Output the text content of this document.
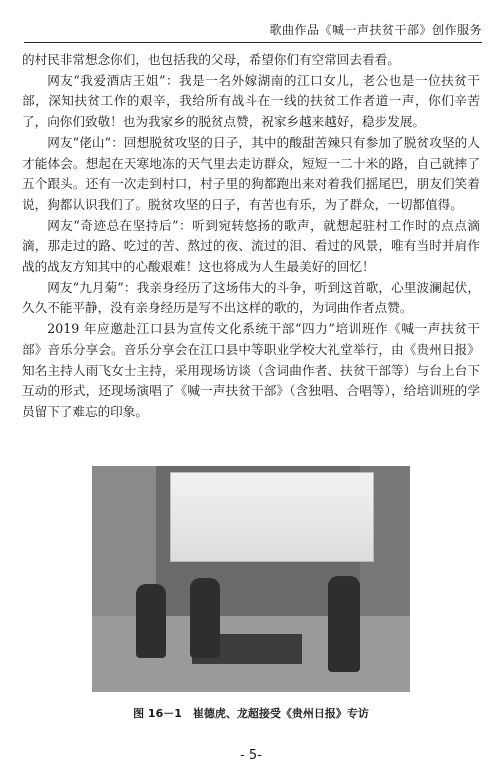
歌曲作品《喊一声扶贫干部》创作服务

的村民非常想念你们，也包括我的父母，希望你们有空常回去看看。

网友“我爱酒店王姐”：我是一名外嫁湖南的江口女儿，老公也是一位扶贫干部，深知扶贫工作的艰辛，我给所有战斗在一线的扶贫工作者道一声，你们辛苦了，向你们致敬！也为我家乡的脱贫点赞，祝家乡越来越好，稳步发展。

网友“佬山”：回想脱贫攻坚的日子，其中的酸甜苦辣只有参加了脱贫攻坚的人才能体会。想起在天寒地冻的天气里去走访群众，短短一二十米的路，自己就摔了五个跟头。还有一次走到村口，村子里的狗都跑出来对着我们摇尾巴，朋友们笑着说，狗都认识我们了。脱贫攻坚的日子，有苦也有乐，为了群众，一切都值得。

网友“奇迹总在坚持后”：听到宛转悠扬的歌声，就想起驻村工作时的点点滴滴，那走过的路、吃过的苦、熬过的夜、流过的泪、看过的风景，唯有当时并肩作战的战友方知其中的心酸艰难！这也将成为人生最美好的回忆！

网友“九月菊”：我亲身经历了这场伟大的斗争，听到这首歌，心里波澜起伏，久久不能平静，没有亲身经历是写不出这样的歌的，为词曲作者点赞。

2019 年应邀赴江口县为宣传文化系统干部“四力”培训班作《喊一声扶贫干部》音乐分享会。音乐分享会在江口县中等职业学校大礼堂举行，由《贵州日报》知名主持人雨飞女士主持，采用现场访谈（含词曲作者、扶贫干部等）与台上台下互动的形式，还现场演唱了《喊一声扶贫干部》（含独唱、合唱等），给培训班的学员留下了难忘的印象。

图 16－1　崔德虎、龙超接受《贵州日报》专访
- 5-
